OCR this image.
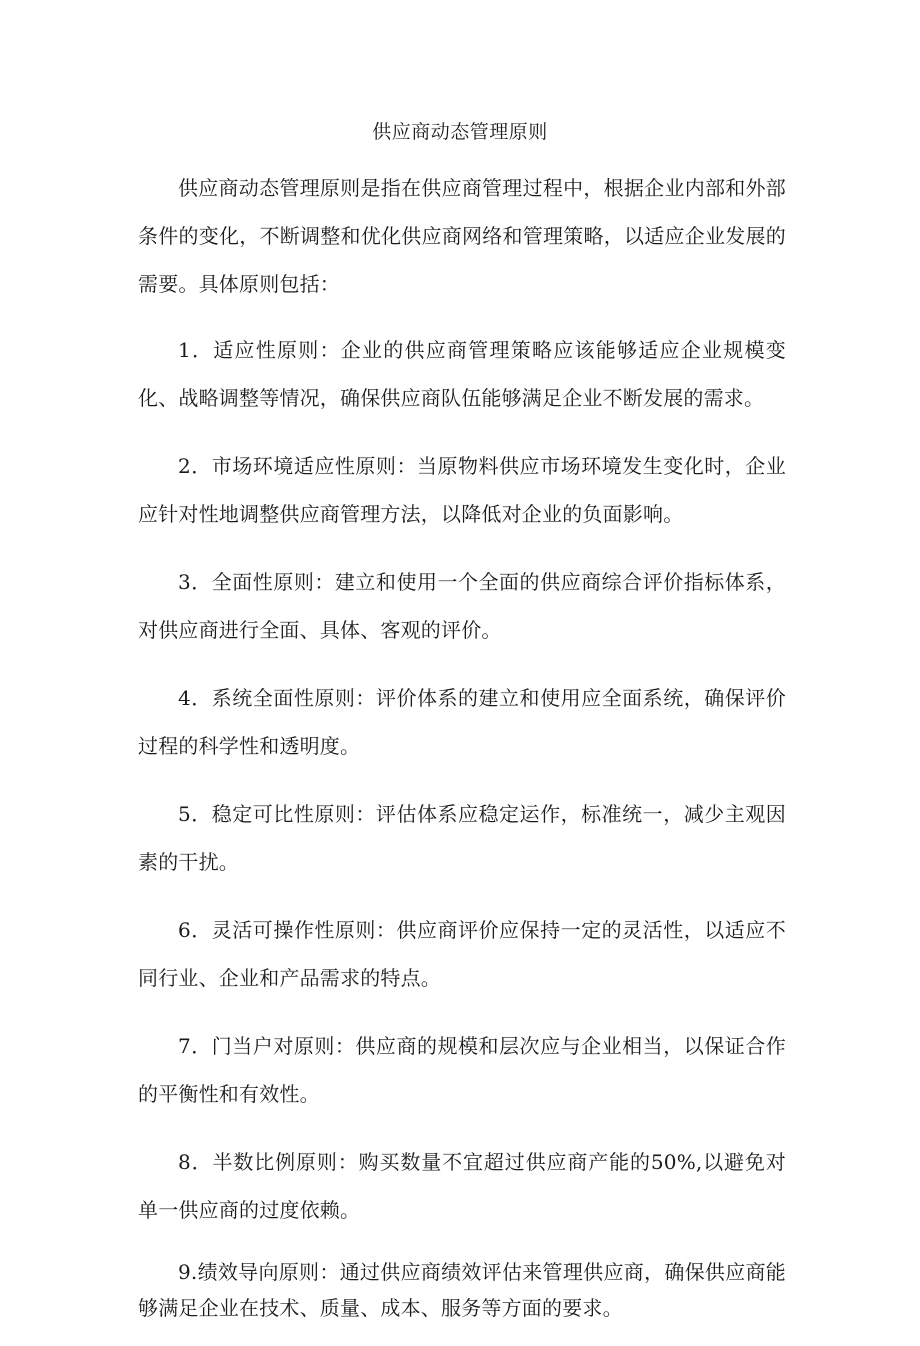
供应商动态管理原则

供应商动态管理原则是指在供应商管理过程中，根据企业内部和外部条件的变化，不断调整和优化供应商网络和管理策略，以适应企业发展的需要。具体原则包括：

1．适应性原则：企业的供应商管理策略应该能够适应企业规模变化、战略调整等情况，确保供应商队伍能够满足企业不断发展的需求。

2．市场环境适应性原则：当原物料供应市场环境发生变化时，企业应针对性地调整供应商管理方法，以降低对企业的负面影响。

3．全面性原则：建立和使用一个全面的供应商综合评价指标体系，对供应商进行全面、具体、客观的评价。

4．系统全面性原则：评价体系的建立和使用应全面系统，确保评价过程的科学性和透明度。

5．稳定可比性原则：评估体系应稳定运作，标准统一，减少主观因素的干扰。

6．灵活可操作性原则：供应商评价应保持一定的灵活性，以适应不同行业、企业和产品需求的特点。

7．门当户对原则：供应商的规模和层次应与企业相当，以保证合作的平衡性和有效性。

8．半数比例原则：购买数量不宜超过供应商产能的50%,以避免对单一供应商的过度依赖。

9.绩效导向原则：通过供应商绩效评估来管理供应商，确保供应商能够满足企业在技术、质量、成本、服务等方面的要求。
